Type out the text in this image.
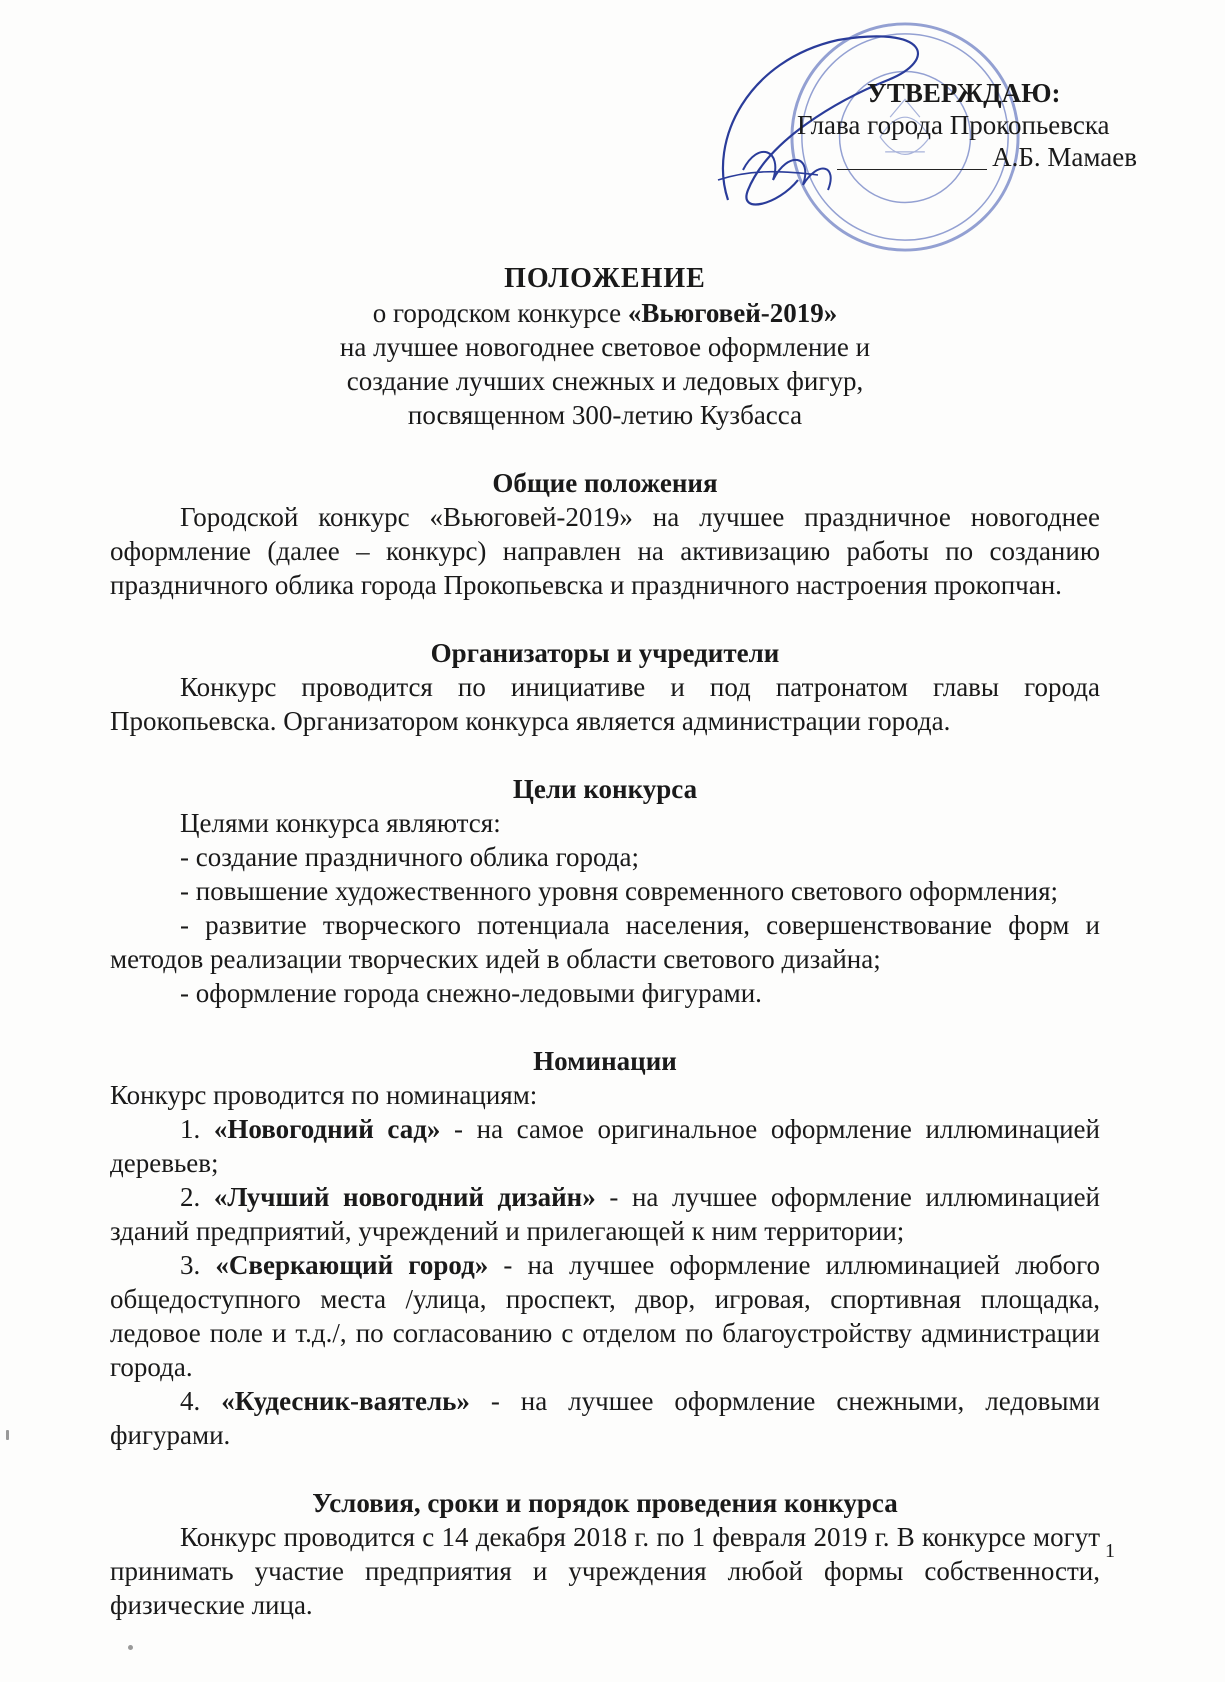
УТВЕРЖДАЮ:
Глава города Прокопьевска
А.Б. Мамаев
ПОЛОЖЕНИЕ
о городском конкурсе «Вьюговей-2019»
на лучшее новогоднее световое оформление и
создание лучших снежных и ледовых фигур,
посвященном 300-летию Кузбасса
Общие положения

Городской конкурс «Вьюговей-2019» на лучшее праздничное новогоднее оформление (далее – конкурс) направлен на активизацию работы по созданию праздничного облика города Прокопьевска и праздничного настроения прокопчан.

Организаторы и учредители

Конкурс проводится по инициативе и под патронатом главы города Прокопьевска. Организатором конкурса является администрации города.

Цели конкурса

Целями конкурса являются:

- создание праздничного облика города;

- повышение художественного уровня современного светового оформления;

- развитие творческого потенциала населения, совершенствование форм и методов реализации творческих идей в области светового дизайна;

- оформление города снежно-ледовыми фигурами.

Номинации

Конкурс проводится по номинациям:

1. «Новогодний сад» - на самое оригинальное оформление иллюминацией деревьев;

2. «Лучший новогодний дизайн» - на лучшее оформление иллюминацией зданий предприятий, учреждений и прилегающей к ним территории;

3. «Сверкающий город» - на лучшее оформление иллюминацией любого общедоступного места /улица, проспект, двор, игровая, спортивная площадка, ледовое поле и т.д./, по согласованию с отделом по благоустройству администрации города.

4. «Кудесник-ваятель» - на лучшее оформление снежными, ледовыми фигурами.

Условия, сроки и порядок проведения конкурса

Конкурс проводится с 14 декабря 2018 г. по 1 февраля 2019 г. В конкурсе могут принимать участие предприятия и учреждения любой формы собственности, физические лица.

1
